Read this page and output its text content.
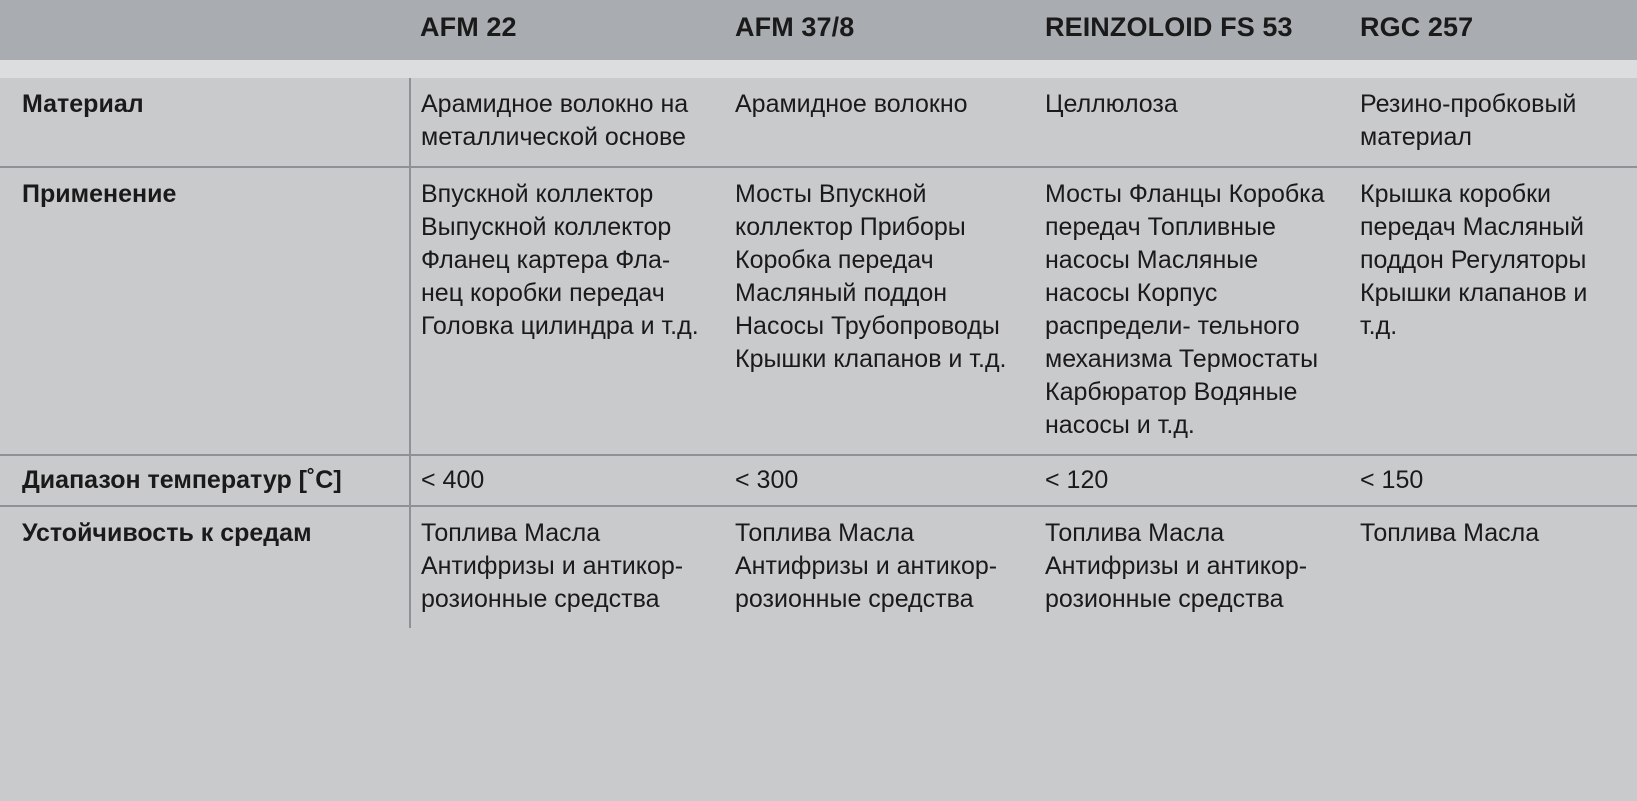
	AFM 22	AFM 37/8	REINZOLOID FS 53	RGC 257

Материал	Арамидное волокно на металлической основе	Арамидное волокно	Целлюлоза	Резино-пробковый материал
Применение	Впускной коллектор Выпускной коллектор Фланец картера Фла- нец коробки передач Головка цилиндра и т.д.	Мосты Впускной коллектор Приборы Коробка передач Масляный поддон Насосы Трубопроводы Крышки клапанов и т.д.	Мосты Фланцы Коробка передач Топливные насосы Масляные насосы Корпус распредели- тельного механизма Термостаты Карбюратор Водяные насосы и т.д.	Крышка коробки передач Масляный поддон Регуляторы Крышки клапанов и т.д.
Диапазон температур [˚C]	< 400	< 300	< 120	< 150
Устойчивость к средам	Топлива Масла Антифризы и антикор- розионные средства	Топлива Масла Антифризы и антикор- розионные средства	Топлива Масла Антифризы и антикор- розионные средства	Топлива Масла
